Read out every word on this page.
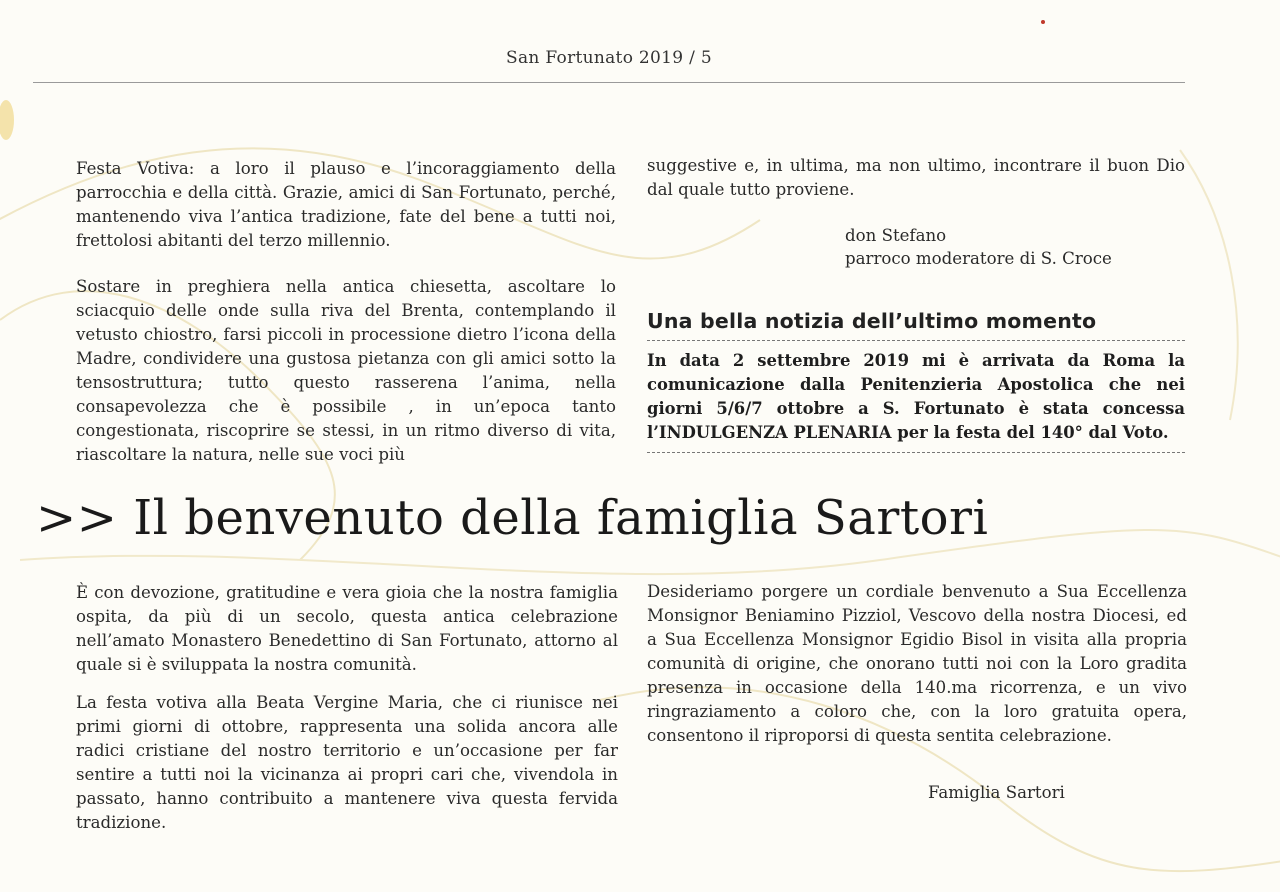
San Fortunato 2019 / 5

Festa Votiva: a loro il plauso e l’incoraggiamento della parrocchia e della città. Grazie, amici di San Fortunato, perché, mantenendo viva l’antica tradizione, fate del bene a tutti noi, frettolosi abitanti del terzo millennio.

Sostare in preghiera nella antica chiesetta, ascoltare lo sciacquio delle onde sulla riva del Brenta, contemplando il vetusto chiostro, farsi piccoli in processione dietro l’icona della Madre, condividere una gustosa pietanza con gli amici sotto la tensostruttura; tutto questo rasserena l’anima, nella consapevolezza che è possibile , in un’epoca tanto congestionata, riscoprire se stessi, in un ritmo diverso di vita, riascoltare la natura, nelle sue voci più

suggestive e, in ultima, ma non ultimo, incontrare il buon Dio dal quale tutto proviene.

don Stefano
parroco moderatore di S. Croce
Una bella notizia dell’ultimo momento
In data 2 settembre 2019 mi è arrivata da Roma la comunicazione dalla Penitenzieria Apostolica che nei giorni 5/6/7 ottobre a S. Fortunato è stata concessa l’INDULGENZA PLENARIA per la festa del 140° dal Voto.
>> Il benvenuto della famiglia Sartori

È con devozione, gratitudine e vera gioia che la nostra famiglia ospita, da più di un secolo, questa antica celebrazione nell’amato Monastero Benedettino di San Fortunato, attorno al quale si è sviluppata la nostra comunità.

La festa votiva alla Beata Vergine Maria, che ci riunisce nei primi giorni di ottobre, rappresenta una solida ancora alle radici cristiane del nostro territorio e un’occasione per far sentire a tutti noi la vicinanza ai propri cari che, vivendola in passato, hanno contribuito a mantenere viva questa fervida tradizione.

Desideriamo porgere un cordiale benvenuto a Sua Eccellenza Monsignor Beniamino Pizziol, Vescovo della nostra Diocesi, ed a Sua Eccellenza Monsignor Egidio Bisol in visita alla propria comunità di origine, che onorano tutti noi con la Loro gradita presenza in occasione della 140.ma ricorrenza, e un vivo ringraziamento a coloro che, con la loro gratuita opera, consentono il riproporsi di questa sentita celebrazione.

Famiglia Sartori
